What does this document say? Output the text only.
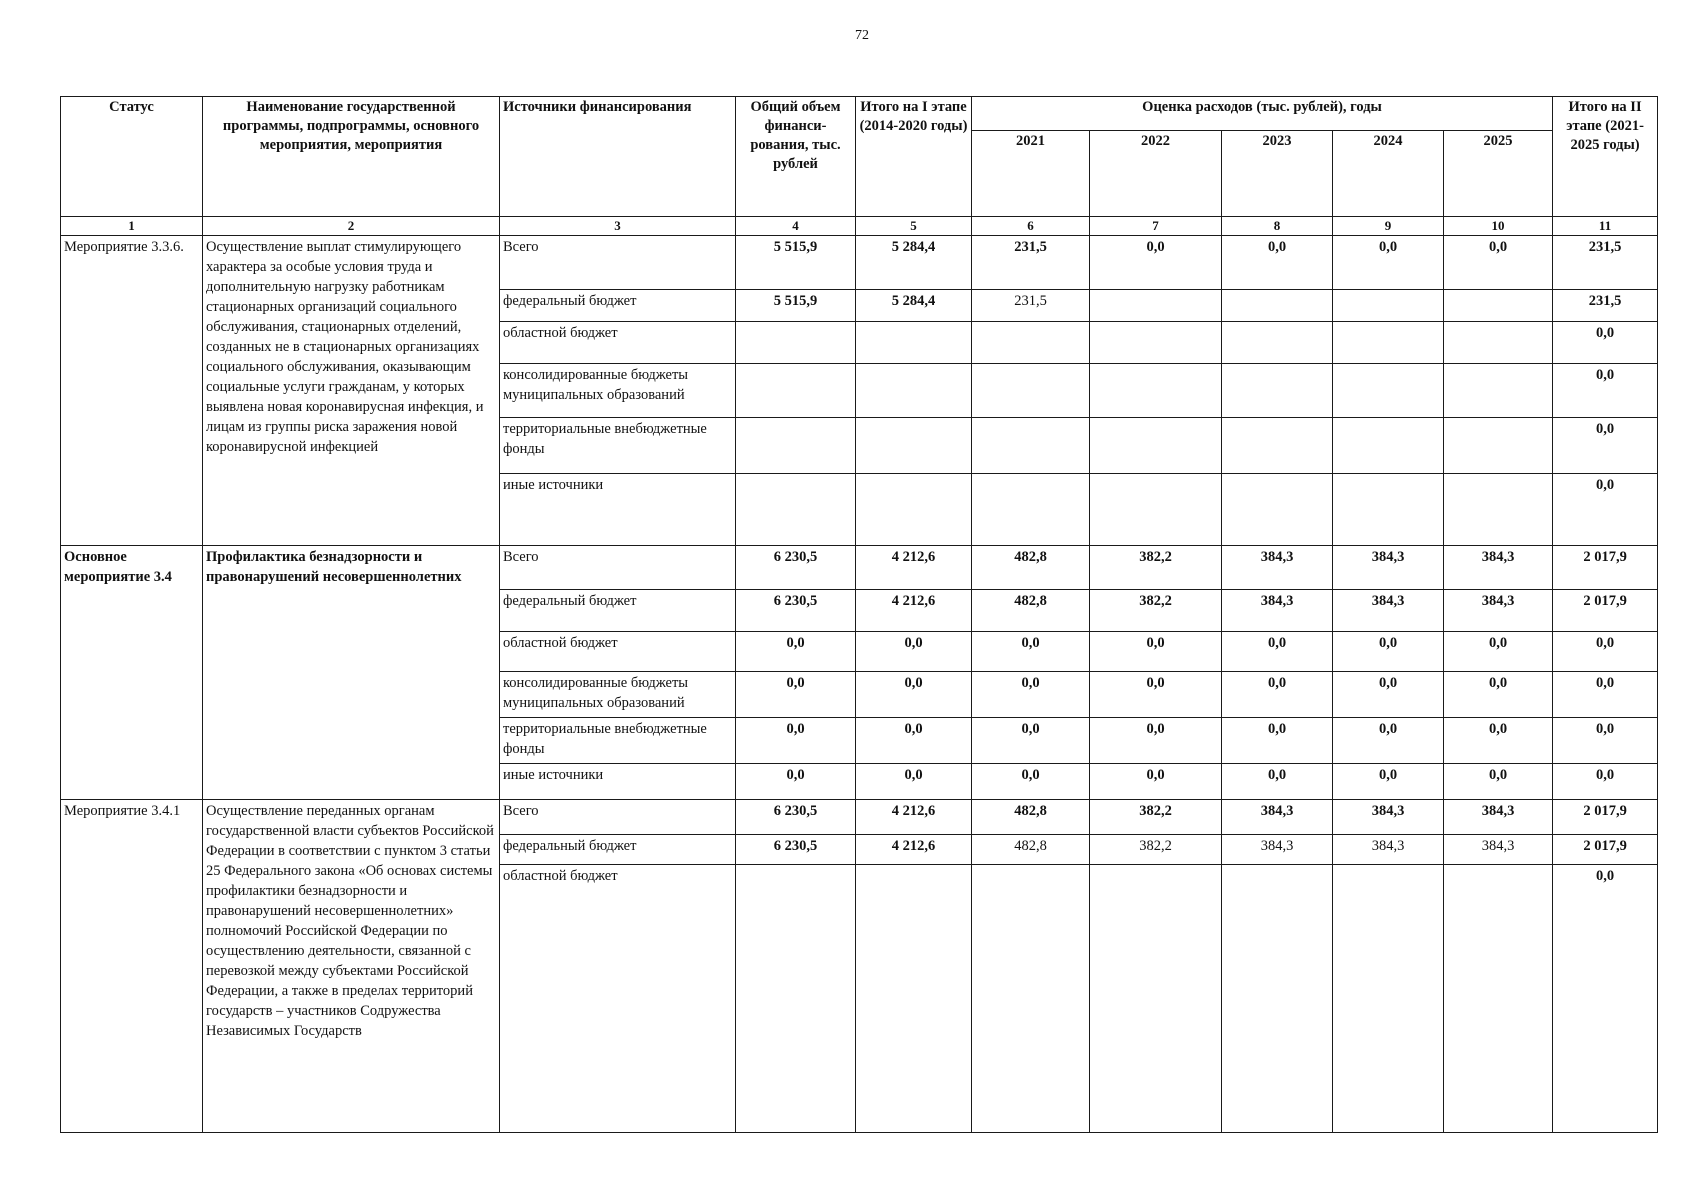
72
Статус	Наименование государственной программы, подпрограммы, основного мероприятия, мероприятия	Источники финансирования	Общий объем финанси-рования, тыс. рублей	Итого на I этапе (2014-2020 годы)	Оценка расходов (тыс. рублей), годы					Итого на II этапе (2021-2025 годы)
					2021	2022	2023	2024	2025	
1	2	3	4	5	6	7	8	9	10	11
Мероприятие 3.3.6.	Осуществление выплат стимулирующего характера за особые условия труда и дополнительную нагрузку работникам стационарных организаций социального обслуживания, стационарных отделений, созданных не в стационарных организациях социального обслуживания, оказывающим социальные услуги гражданам, у которых выявлена новая коронавирусная инфекция, и лицам из группы риска заражения новой коронавирусной инфекцией	Всего	5 515,9	5 284,4	231,5	0,0	0,0	0,0	0,0	231,5
		федеральный бюджет	5 515,9	5 284,4	231,5					231,5
		областной бюджет								0,0
		консолидированные бюджеты муниципальных образований								0,0
		территориальные внебюджетные фонды								0,0
		иные источники								0,0
Основное мероприятие 3.4	Профилактика безнадзорности и правонарушений несовершеннолетних	Всего	6 230,5	4 212,6	482,8	382,2	384,3	384,3	384,3	2 017,9
		федеральный бюджет	6 230,5	4 212,6	482,8	382,2	384,3	384,3	384,3	2 017,9
		областной бюджет	0,0	0,0	0,0	0,0	0,0	0,0	0,0	0,0
		консолидированные бюджеты муниципальных образований	0,0	0,0	0,0	0,0	0,0	0,0	0,0	0,0
		территориальные внебюджетные фонды	0,0	0,0	0,0	0,0	0,0	0,0	0,0	0,0
		иные источники	0,0	0,0	0,0	0,0	0,0	0,0	0,0	0,0
Мероприятие 3.4.1	Осуществление переданных органам государственной власти субъектов Российской Федерации в соответствии с пунктом 3 статьи 25 Федерального закона «Об основах системы профилактики безнадзорности и правонарушений несовершеннолетних» полномочий Российской Федерации по осуществлению деятельности, связанной с перевозкой между субъектами Российской Федерации, а также в пределах территорий государств – участников Содружества Независимых Государств	Всего	6 230,5	4 212,6	482,8	382,2	384,3	384,3	384,3	2 017,9
		федеральный бюджет	6 230,5	4 212,6	482,8	382,2	384,3	384,3	384,3	2 017,9
		областной бюджет								0,0
